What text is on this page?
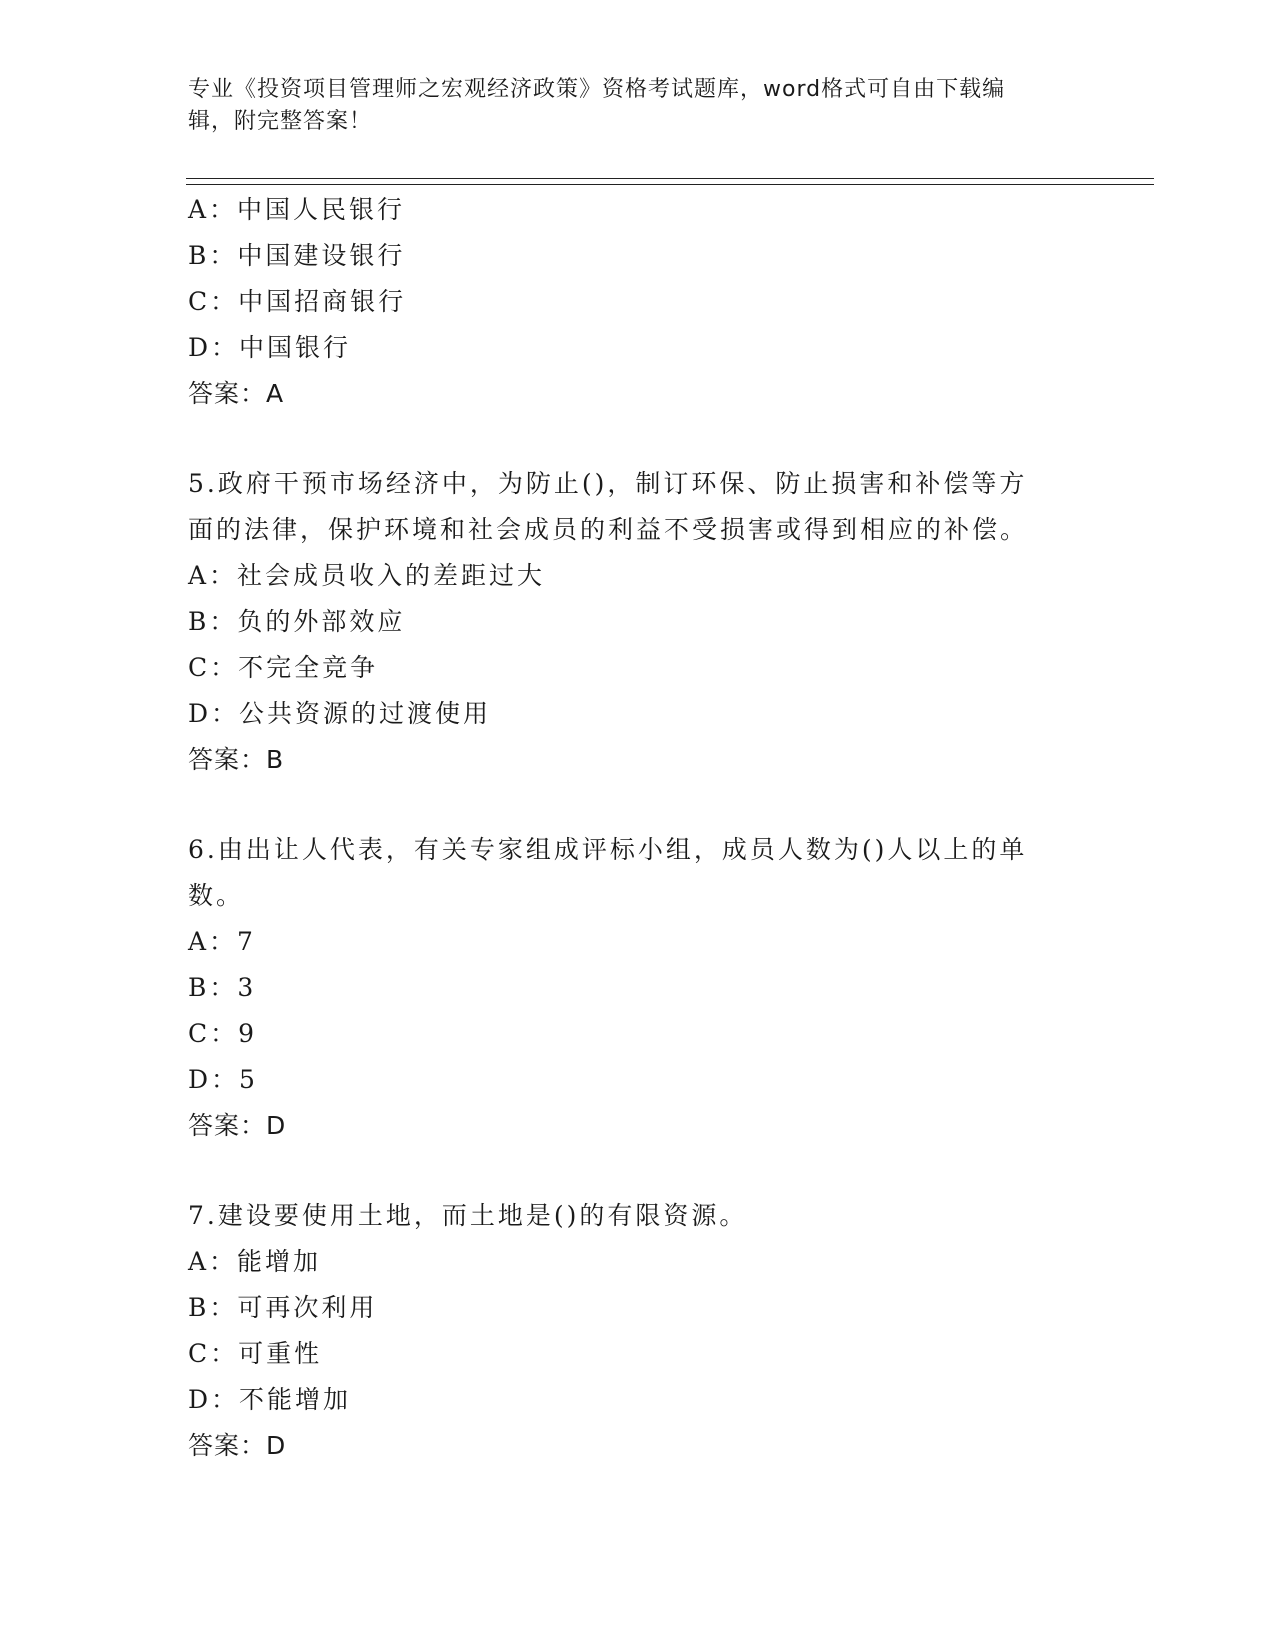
专业《投资项目管理师之宏观经济政策》资格考试题库，word格式可自由下载编
辑，附完整答案！
A：中国人民银行
B：中国建设银行
C：中国招商银行
D：中国银行
答案：A
5.政府干预市场经济中，为防止()，制订环保、防止损害和补偿等方
面的法律，保护环境和社会成员的利益不受损害或得到相应的补偿。
A：社会成员收入的差距过大
B：负的外部效应
C：不完全竞争
D：公共资源的过渡使用
答案：B
6.由出让人代表，有关专家组成评标小组，成员人数为()人以上的单
数。
A：7
B：3
C：9
D：5
答案：D
7.建设要使用土地，而土地是()的有限资源。
A：能增加
B：可再次利用
C：可重性
D：不能增加
答案：D
